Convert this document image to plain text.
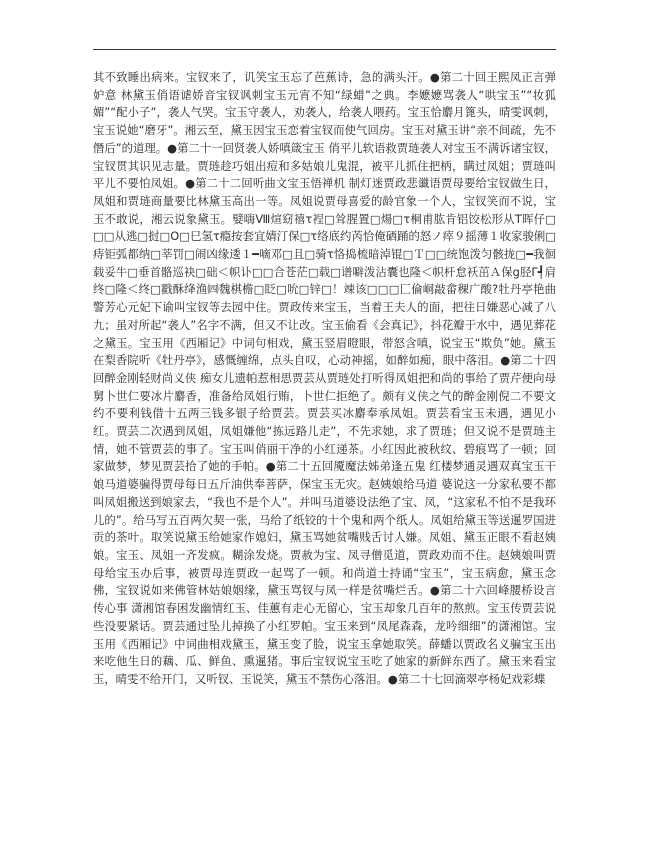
其不致睡出病来。宝钗来了，讥笑宝玉忘了芭蕉诗，急的满头汗。●第二十回王熙凤正言弹妒意 林黛玉俏语谑娇音宝钗讽刺宝玉元宵不知“绿蜡”之典。李嬷嬷骂袭人“哄宝玉”“妆狐媚”“配小子”，袭人气哭。宝玉守袭人，劝袭人，给袭人喂药。宝玉恰麝月篦头，晴雯讽刺，宝玉说她“磨牙”。湘云至，黛玉因宝玉恋着宝钗而使气回房。宝玉对黛玉讲“亲不间疏，先不僭后”的道理。●第二十一回贤袭人娇嗔箴宝玉 俏平儿软语救贾琏袭人对宝玉不满诉诸宝钗，宝钗贯其识见志量。贾琏趁巧姐出痘和多姑娘儿鬼混，被平儿抓住把柄，瞒过凤姐；贾琏叫平儿不要怕凤姐。●第二十二回听曲文宝玉悟禅机 制灯迷贾政悲谶语贾母要给宝钗做生日，凤姐和贾琏商量要比林黛玉高出一等。凤姐说贾母喜爱的龄官象一个人，宝钗笑而不说，宝玉不敢说，湘云说象黛玉。嬖嗨Ⅷ煊窈禧τ裎□耸腥置□煬□τ桐甫肱肯铝饺松形从Τ晖仔□□□从逃□挝□О□巳氢τ瘾按套宜婧汀保□τ络底约芮恰俺硒踊的怒ノ瘁９摇薄１收家骏俐□痔钜弧都纳□莘罚□闹凶缘逶１━嘀邓□且□骑τ恪捣梳暗淖锟□Ｔ□□统饱泼匀骸拢□━我徊载妥牛□垂首骼巡袂□础＜帜讣□□合苍茫□载□谱噼泼沾囊也隆＜帜杆怠袄茁Ａ保g胫Γ┩肩终□隆＜终□戳酥绛渔㈣魏棋檐□眨□吮□锌□！竦该□□□匚倫峒敲畲稞广酸?牡丹亭艳曲警芳心元妃下谕叫宝钗等去园中住。贾政传来宝玉，当着王夫人的面，把往日嫌恶心减了八九；虽对所起“袭人”名字不满，但又不让改。宝玉偷看《会真记》，抖花瓣于水中，遇见葬花之黛玉。宝玉用《西厢记》中词句相戏，黛玉竖眉瞪眼，带怒含嗔，说宝玉“欺负”她。黛玉在梨香院听《牡丹亭》，感慨缠绵，点头自叹，心动神摇，如醉如痴，眼中落泪。●第二十四回醉金刚轻财尚义侠 痴女儿遗帕惹相思贾芸从贾琏处打听得凤姐把和尚的事给了贾芹便向母舅卜世仁要冰片麝香，准备给凤姐行贿，卜世仁拒绝了。颇有义侠之气的醉金刚倪二不要文约不要利钱借十五两三钱多银子给贾芸。贾芸买冰麝奉承凤姐。贾芸看宝玉未遇，遇见小红。贾芸二次遇到凤姐，凤姐嫌他“拣远路儿走”，不先求她，求了贾琏；但又说不是贾琏主情，她不管贾芸的事了。宝玉叫俏丽干净的小红递茶。小红因此被秋纹、碧痕骂了一顿；回家做梦，梦见贾芸拾了她的手帕。●第二十五回魇魔法姊弟逢五鬼 红楼梦通灵遇双真宝玉干娘马道婆骗得贾母每日五斤油供奉菩萨，保宝玉无灾。赵姨娘给马道 婆说这一分家私要不都叫凤姐搬送到娘家去，“我也不是个人”。并叫马道婆设法绝了宝、凤，“这家私不怕不是我环儿的”。给马写五百两欠契一张，马给了纸铰的十个鬼和两个纸人。凤姐给黛玉等送暹罗国进贡的茶叶。取笑说黛玉给她家作媳妇，黛玉骂她贫嘴贱舌讨人嫌。凤姐、黛玉正眼不看赵姨娘。宝玉、凤姐一齐发疯。糊涂发烧。贾赦为宝、凤寻僧觅道，贾政劝而不住。赵姨娘叫贾母给宝玉办后事，被贾母连贾政一起骂了一顿。和尚道士持诵“宝玉”，宝玉病愈，黛玉念佛，宝钗说如来佛管林姑娘姻缘，黛玉骂钗与凤一样是贫嘴烂舌。●第二十六回峰腰桥设言传心事 潇湘馆春困发幽情红玉、佳蕙有走心无留心，宝玉却象几百年的熬煎。宝玉传贾芸说些没要紧话。贾芸通过坠儿掉换了小红罗帕。宝玉来到“凤尾森森，龙吟细细”的潇湘馆。宝玉用《西厢记》中词曲相戏黛玉，黛玉变了脸，说宝玉拿她取笑。薛蟠以贾政名义骗宝玉出来吃他生日的藕、瓜、鲜鱼、熏暹猪。事后宝钗说宝玉吃了她家的新鲜东西了。黛玉来看宝玉，晴雯不给开门，又听钗、玉说笑，黛玉不禁伤心落泪。●第二十七回滴翠亭杨妃戏彩蝶
